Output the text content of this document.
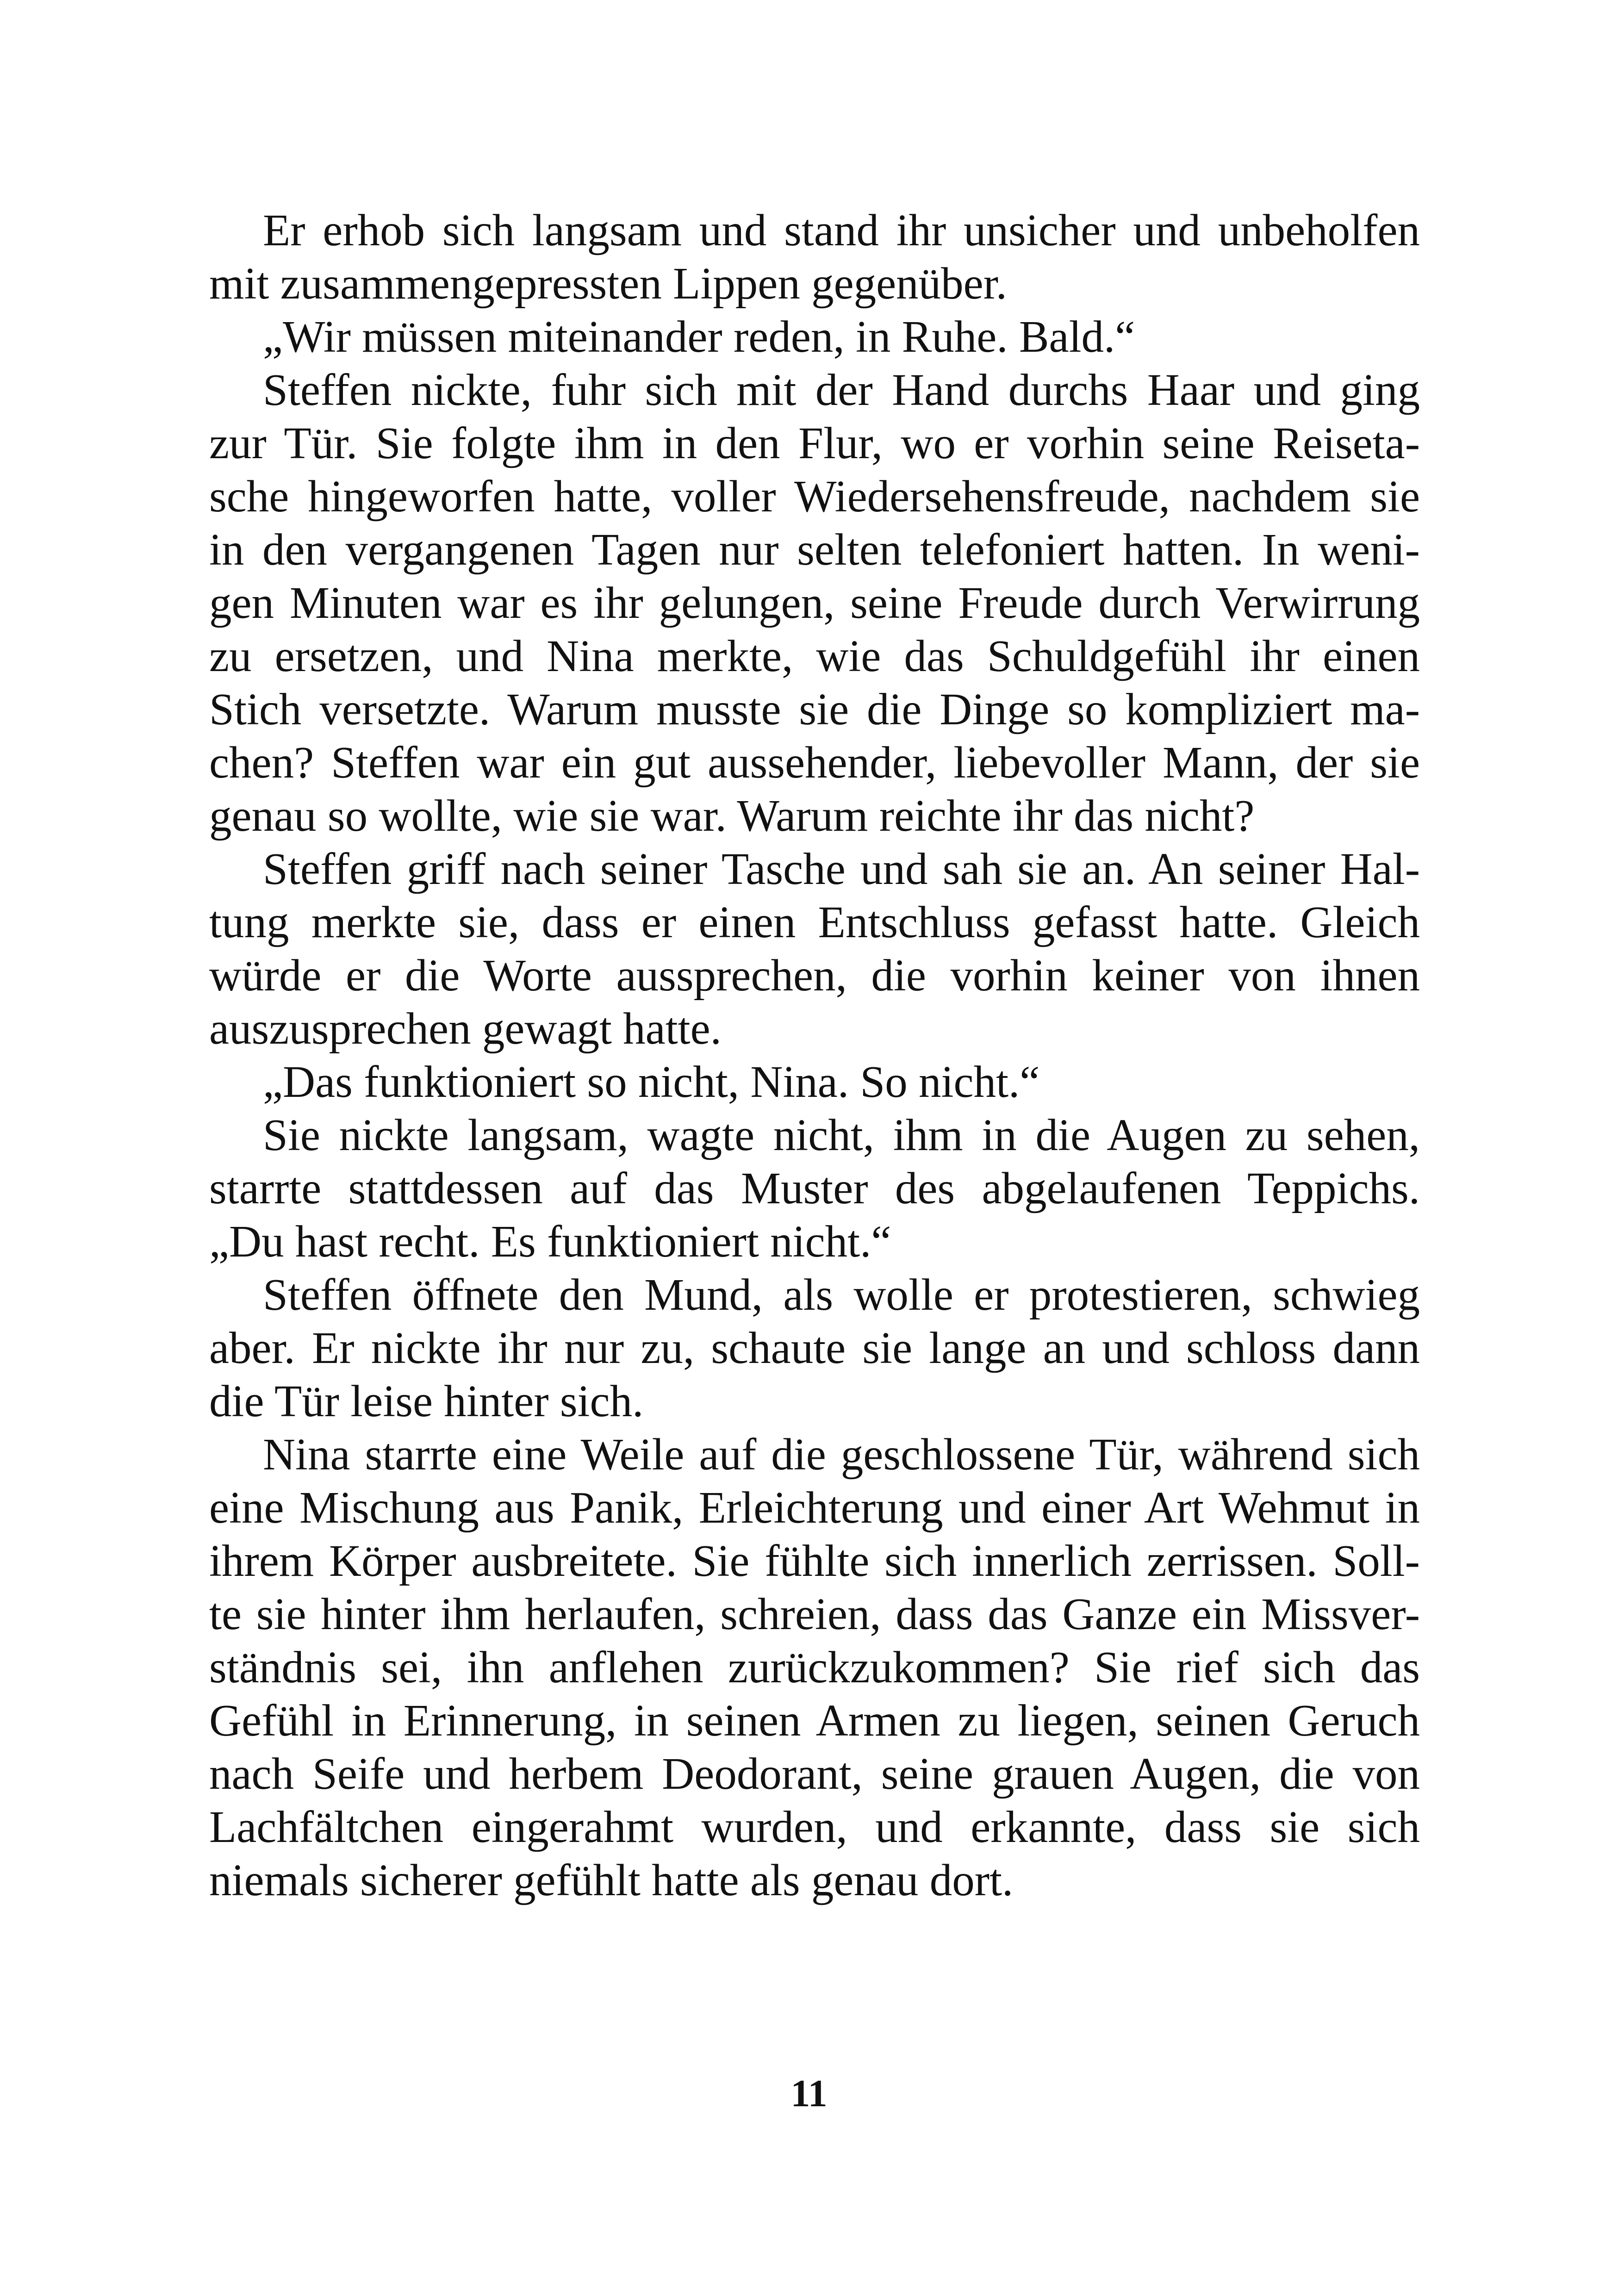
Er erhob sich langsam und stand ihr unsicher und unbeholfen
mit zusammengepressten Lippen gegenüber.
„Wir müssen miteinander reden, in Ruhe. Bald.“
Steffen nickte, fuhr sich mit der Hand durchs Haar und ging
zur Tür. Sie folgte ihm in den Flur, wo er vorhin seine Reiseta-
sche hingeworfen hatte, voller Wiedersehensfreude, nachdem sie
in den vergangenen Tagen nur selten telefoniert hatten. In weni-
gen Minuten war es ihr gelungen, seine Freude durch Verwirrung
zu ersetzen, und Nina merkte, wie das Schuldgefühl ihr einen
Stich versetzte. Warum musste sie die Dinge so kompliziert ma-
chen? Steffen war ein gut aussehender, liebevoller Mann, der sie
genau so wollte, wie sie war. Warum reichte ihr das nicht?
Steffen griff nach seiner Tasche und sah sie an. An seiner Hal-
tung merkte sie, dass er einen Entschluss gefasst hatte. Gleich
würde er die Worte aussprechen, die vorhin keiner von ihnen
auszusprechen gewagt hatte.
„Das funktioniert so nicht, Nina. So nicht.“
Sie nickte langsam, wagte nicht, ihm in die Augen zu sehen,
starrte stattdessen auf das Muster des abgelaufenen Teppichs.
„Du hast recht. Es funktioniert nicht.“
Steffen öffnete den Mund, als wolle er protestieren, schwieg
aber. Er nickte ihr nur zu, schaute sie lange an und schloss dann
die Tür leise hinter sich.
Nina starrte eine Weile auf die geschlossene Tür, während sich
eine Mischung aus Panik, Erleichterung und einer Art Wehmut in
ihrem Körper ausbreitete. Sie fühlte sich innerlich zerrissen. Soll-
te sie hinter ihm herlaufen, schreien, dass das Ganze ein Missver-
ständnis sei, ihn anflehen zurückzukommen? Sie rief sich das
Gefühl in Erinnerung, in seinen Armen zu liegen, seinen Geruch
nach Seife und herbem Deodorant, seine grauen Augen, die von
Lachfältchen eingerahmt wurden, und erkannte, dass sie sich
niemals sicherer gefühlt hatte als genau dort.
11
